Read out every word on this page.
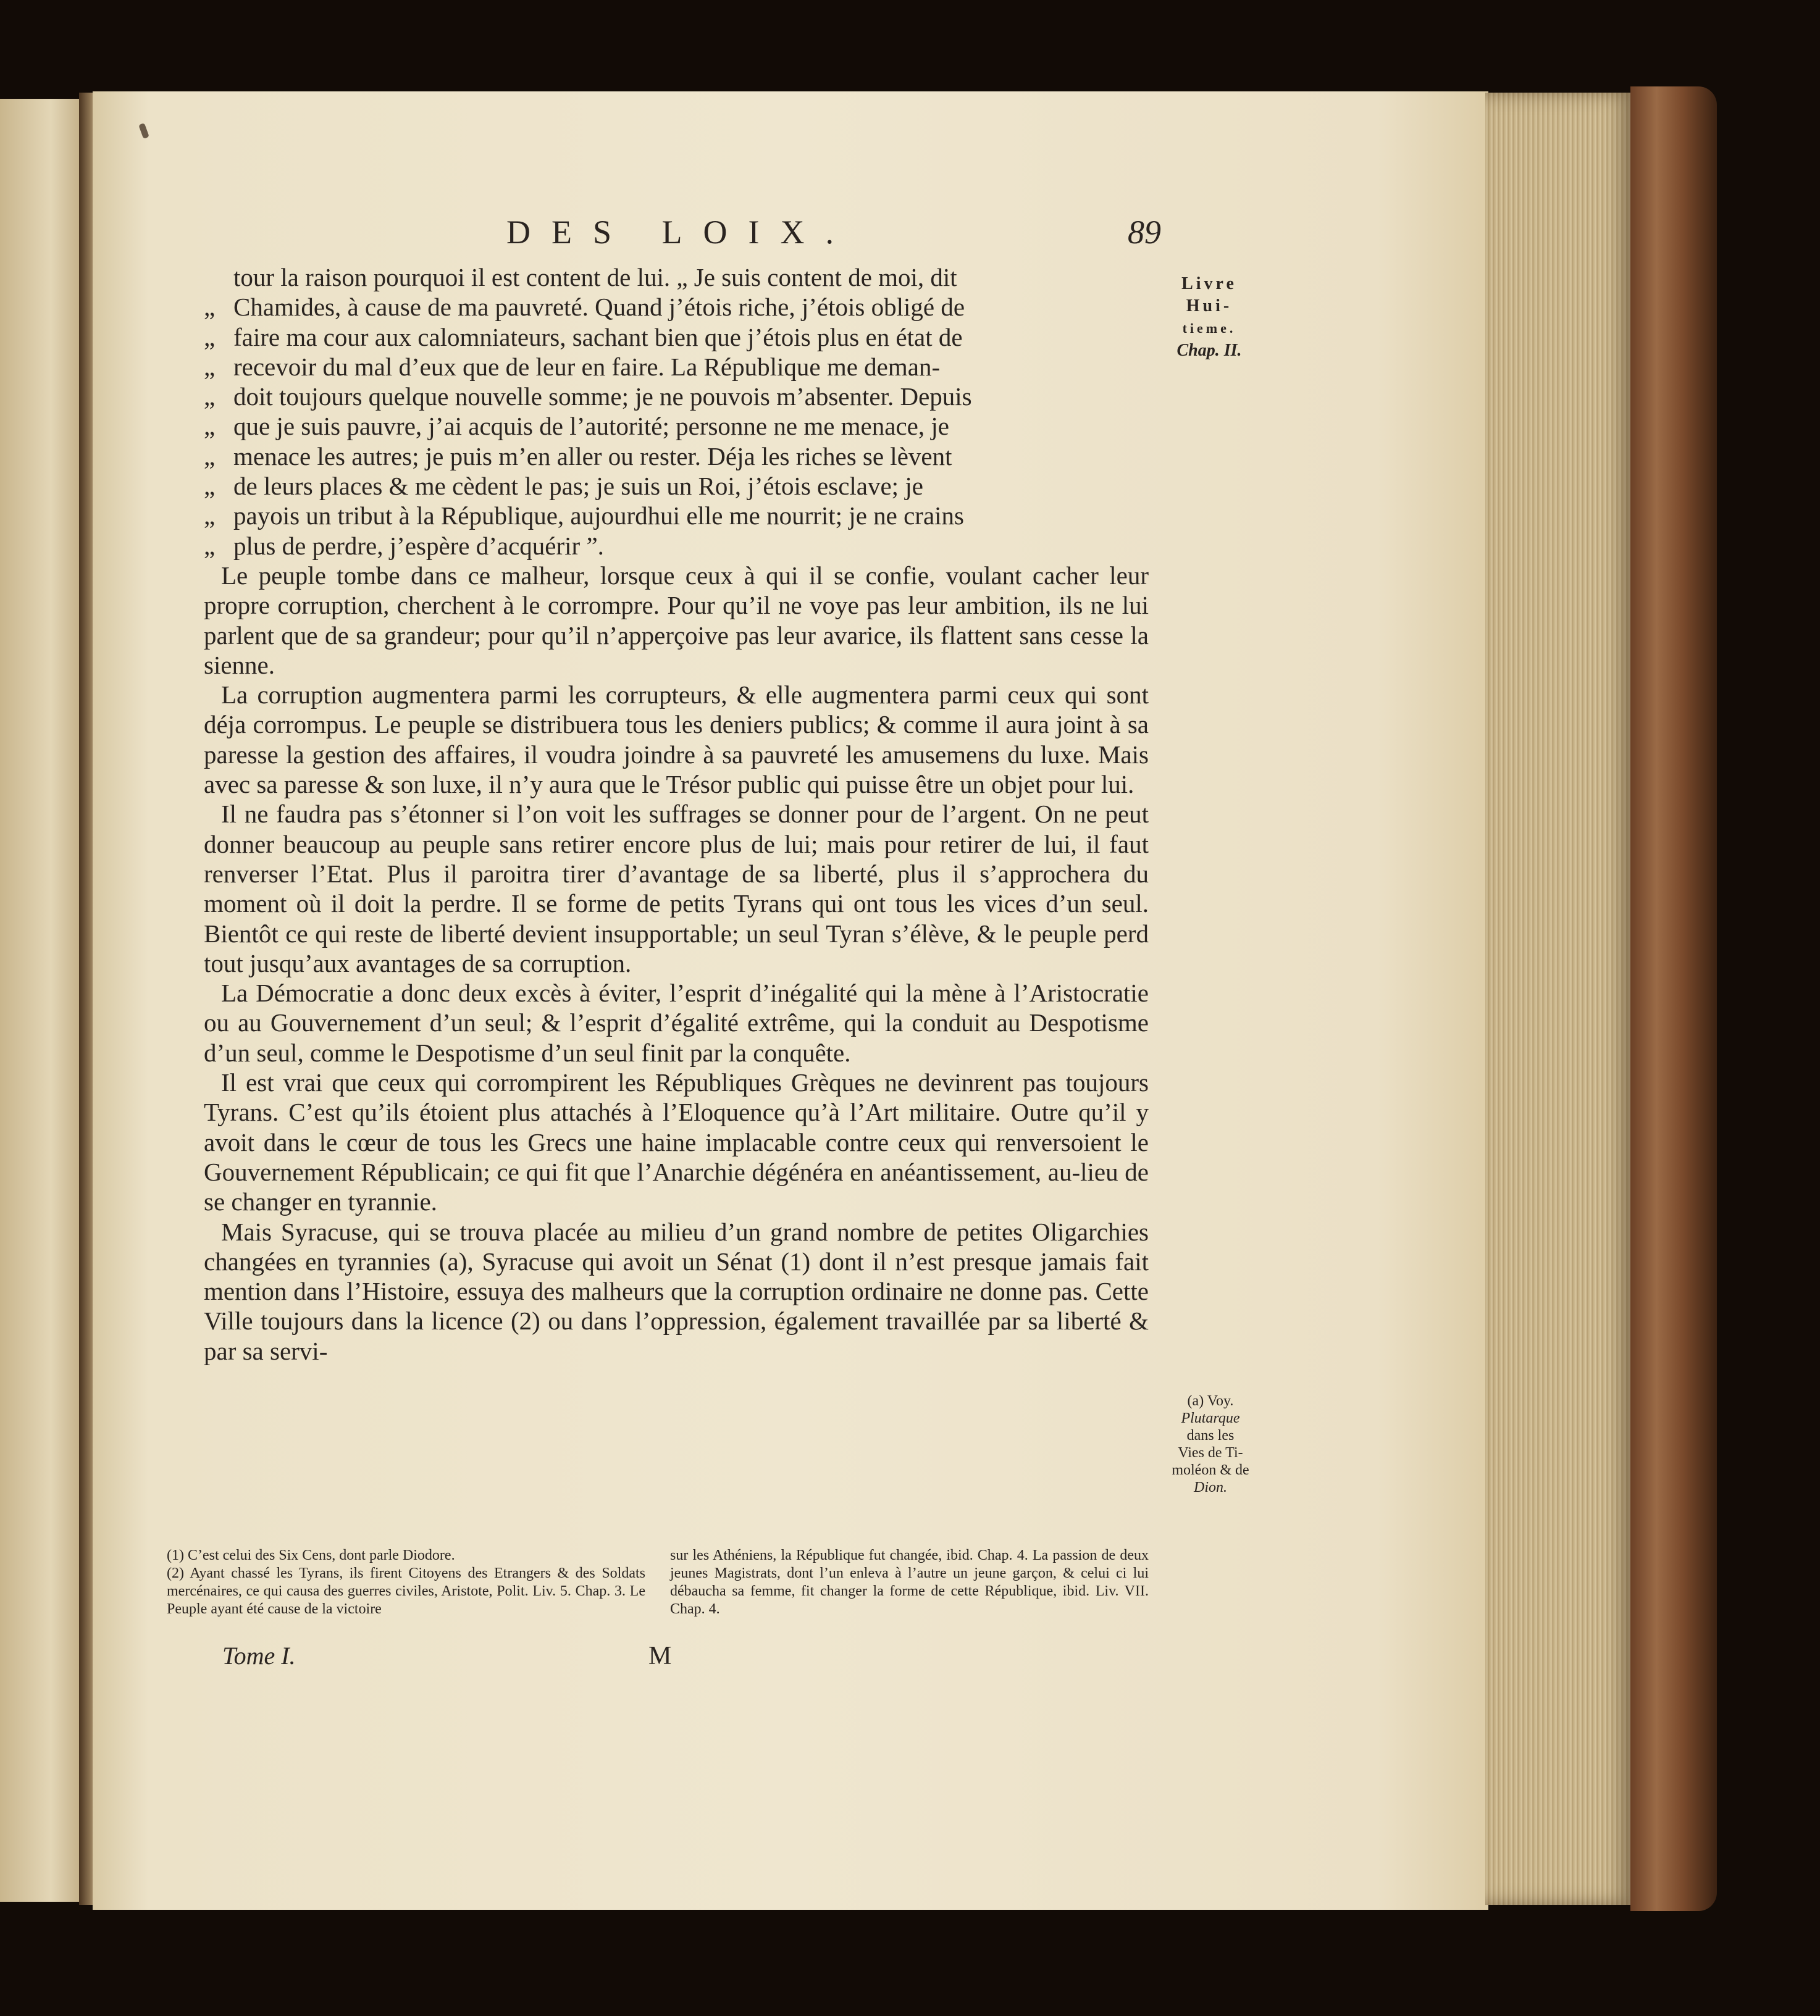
DES LOIX.	89
Livre
Hui-
tieme.
Chap. II.
tour la raison pourquoi il est content de lui. „ Je suis content de moi, dit
„ Chamides, à cause de ma pauvreté. Quand j’étois riche, j’étois obligé de
„ faire ma cour aux calomniateurs, sachant bien que j’étois plus en état de
„ recevoir du mal d’eux que de leur en faire. La République me deman-
„ doit toujours quelque nouvelle somme; je ne pouvois m’absenter. Depuis
„ que je suis pauvre, j’ai acquis de l’autorité; personne ne me menace, je
„ menace les autres; je puis m’en aller ou rester. Déja les riches se lèvent
„ de leurs places & me cèdent le pas; je suis un Roi, j’étois esclave; je
„ payois un tribut à la République, aujourdhui elle me nourrit; je ne crains
„ plus de perdre, j’espère d’acquérir ”.

Le peuple tombe dans ce malheur, lorsque ceux à qui il se confie, voulant cacher leur propre corruption, cherchent à le corrompre. Pour qu’il ne voye pas leur ambition, ils ne lui parlent que de sa grandeur; pour qu’il n’apperçoive pas leur avarice, ils flattent sans cesse la sienne.

La corruption augmentera parmi les corrupteurs, & elle augmentera parmi ceux qui sont déja corrompus. Le peuple se distribuera tous les deniers publics; & comme il aura joint à sa paresse la gestion des affaires, il voudra joindre à sa pauvreté les amusemens du luxe. Mais avec sa paresse & son luxe, il n’y aura que le Trésor public qui puisse être un objet pour lui.

Il ne faudra pas s’étonner si l’on voit les suffrages se donner pour de l’argent. On ne peut donner beaucoup au peuple sans retirer encore plus de lui; mais pour retirer de lui, il faut renverser l’Etat. Plus il paroitra tirer d’avantage de sa liberté, plus il s’approchera du moment où il doit la perdre. Il se forme de petits Tyrans qui ont tous les vices d’un seul. Bientôt ce qui reste de liberté devient insupportable; un seul Tyran s’élève, & le peuple perd tout jusqu’aux avantages de sa corruption.

La Démocratie a donc deux excès à éviter, l’esprit d’inégalité qui la mène à l’Aristocratie ou au Gouvernement d’un seul; & l’esprit d’égalité extrême, qui la conduit au Despotisme d’un seul, comme le Despotisme d’un seul finit par la conquête.

Il est vrai que ceux qui corrompirent les Républiques Grèques ne devinrent pas toujours Tyrans. C’est qu’ils étoient plus attachés à l’Eloquence qu’à l’Art militaire. Outre qu’il y avoit dans le cœur de tous les Grecs une haine implacable contre ceux qui renversoient le Gouvernement Républicain; ce qui fit que l’Anarchie dégénéra en anéantissement, au-lieu de se changer en tyrannie.

Mais Syracuse, qui se trouva placée au milieu d’un grand nombre de petites Oligarchies changées en tyrannies (a), Syracuse qui avoit un Sénat (1) dont il n’est presque jamais fait mention dans l’Histoire, essuya des malheurs que la corruption ordinaire ne donne pas. Cette Ville toujours dans la licence (2) ou dans l’oppression, également travaillée par sa liberté & par sa servi-

(a) Voy.
Plutarque
dans les
Vies de Ti-
moléon & de
Dion.

(1) C’est celui des Six Cens, dont parle Diodore.

(2) Ayant chassé les Tyrans, ils firent Citoyens des Etrangers & des Soldats mercénaires, ce qui causa des guerres civiles, Aristote, Polit. Liv. 5. Chap. 3. Le Peuple ayant été cause de la victoire

sur les Athéniens, la République fut changée, ibid. Chap. 4. La passion de deux jeunes Magistrats, dont l’un enleva à l’autre un jeune garçon, & celui ci lui débaucha sa femme, fit changer la forme de cette République, ibid. Liv. VII. Chap. 4.

Tome I.	M
